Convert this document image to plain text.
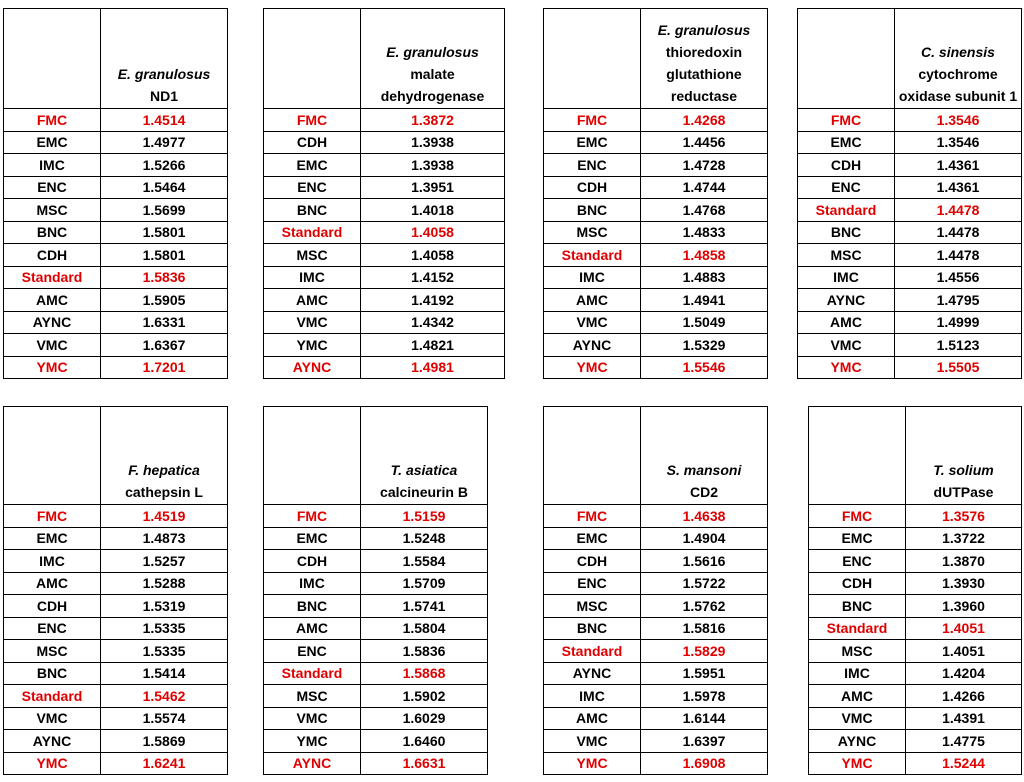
	E. granulosus
ND1

FMC	1.4514
EMC	1.4977
IMC	1.5266
ENC	1.5464
MSC	1.5699
BNC	1.5801
CDH	1.5801
Standard	1.5836
AMC	1.5905
AYNC	1.6331
VMC	1.6367
YMC	1.7201

	E. granulosus
malate dehydrogenase

FMC	1.3872
CDH	1.3938
EMC	1.3938
ENC	1.3951
BNC	1.4018
Standard	1.4058
MSC	1.4058
IMC	1.4152
AMC	1.4192
VMC	1.4342
YMC	1.4821
AYNC	1.4981

	E. granulosus
thioredoxin glutathione reductase

FMC	1.4268
EMC	1.4456
ENC	1.4728
CDH	1.4744
BNC	1.4768
MSC	1.4833
Standard	1.4858
IMC	1.4883
AMC	1.4941
VMC	1.5049
AYNC	1.5329
YMC	1.5546

	C. sinensis
cytochrome oxidase subunit 1

FMC	1.3546
EMC	1.3546
CDH	1.4361
ENC	1.4361
Standard	1.4478
BNC	1.4478
MSC	1.4478
IMC	1.4556
AYNC	1.4795
AMC	1.4999
VMC	1.5123
YMC	1.5505

	F. hepatica
cathepsin L

FMC	1.4519
EMC	1.4873
IMC	1.5257
AMC	1.5288
CDH	1.5319
ENC	1.5335
MSC	1.5335
BNC	1.5414
Standard	1.5462
VMC	1.5574
AYNC	1.5869
YMC	1.6241

	T. asiatica
calcineurin B

FMC	1.5159
EMC	1.5248
CDH	1.5584
IMC	1.5709
BNC	1.5741
AMC	1.5804
ENC	1.5836
Standard	1.5868
MSC	1.5902
VMC	1.6029
YMC	1.6460
AYNC	1.6631

	S. mansoni
CD2

FMC	1.4638
EMC	1.4904
CDH	1.5616
ENC	1.5722
MSC	1.5762
BNC	1.5816
Standard	1.5829
AYNC	1.5951
IMC	1.5978
AMC	1.6144
VMC	1.6397
YMC	1.6908

	T. solium
dUTPase

FMC	1.3576
EMC	1.3722
ENC	1.3870
CDH	1.3930
BNC	1.3960
Standard	1.4051
MSC	1.4051
IMC	1.4204
AMC	1.4266
VMC	1.4391
AYNC	1.4775
YMC	1.5244
